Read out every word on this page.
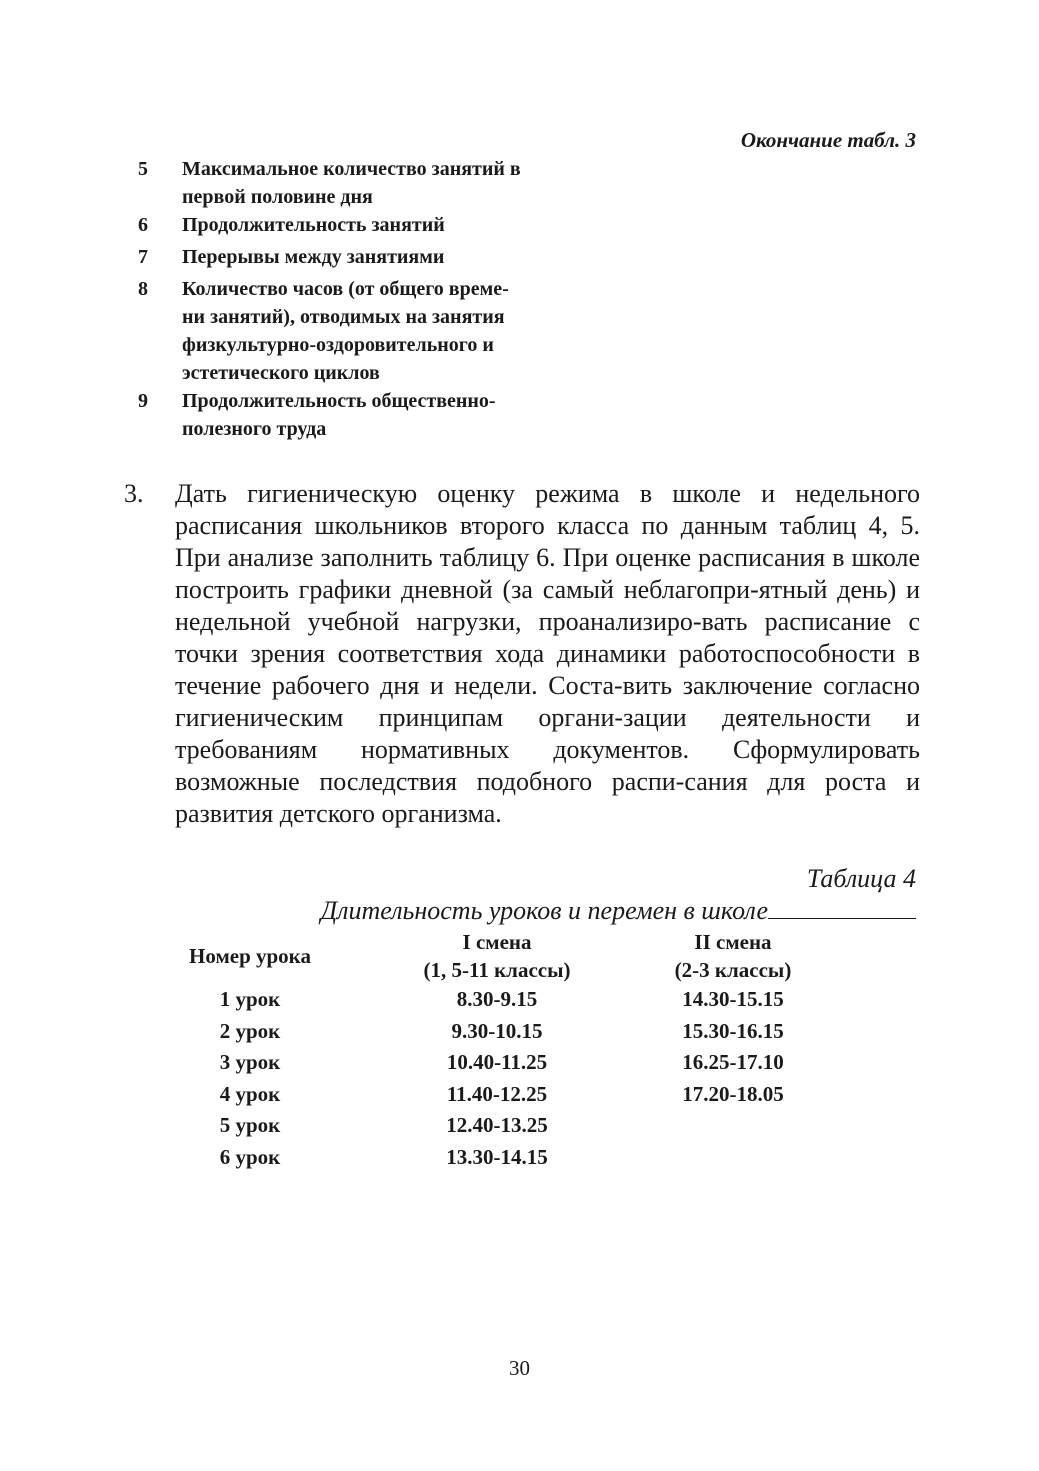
Окончание табл. 3
5	Максимальное количество занятий в
первой половине дня
6	Продолжительность занятий
7	Перерывы между занятиями
8	Количество часов (от общего време-
ни занятий), отводимых на занятия
физкультурно-оздоровительного и
эстетического циклов
9	Продолжительность общественно-
полезного труда
3.	Дать гигиеническую оценку режима в школе и недельного расписания школьников второго класса по данным таблиц 4, 5. При анализе заполнить таблицу 6. При оценке расписания в школе построить графики дневной (за самый неблагопри-ятный день) и недельной учебной нагрузки, проанализиро-вать расписание с точки зрения соответствия хода динамики работоспособности в течение рабочего дня и недели. Соста-вить заключение согласно гигиеническим принципам органи-зации деятельности и требованиям нормативных документов. Сформулировать возможные последствия подобного распи-сания для роста и развития детского организма.
Таблица 4
Длительность уроков и перемен в школе
Номер урока	I смена	II смена
	(1, 5-11 классы)	(2-3 классы)
1 урок	8.30-9.15	14.30-15.15
2 урок	9.30-10.15	15.30-16.15
3 урок	10.40-11.25	16.25-17.10
4 урок	11.40-12.25	17.20-18.05
5 урок	12.40-13.25	
6 урок	13.30-14.15	
30
